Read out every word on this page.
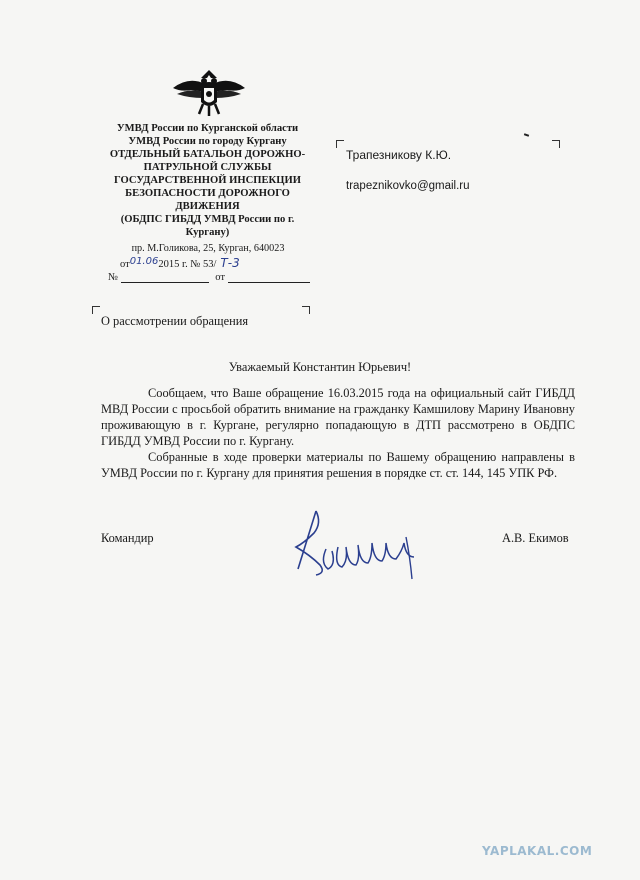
УМВД России по Курганской области
УМВД России по городу Кургану
ОТДЕЛЬНЫЙ БАТАЛЬОН ДОРОЖНО-
ПАТРУЛЬНОЙ СЛУЖБЫ
ГОСУДАРСТВЕННОЙ ИНСПЕКЦИИ
БЕЗОПАСНОСТИ ДОРОЖНОГО
ДВИЖЕНИЯ
(ОБДПС ГИБДД УМВД России по г.
Кургану)
пр. М.Голикова, 25, Курган, 640023
от01.062015 г. № 53/ Т-3
№	от
Трапезникову К.Ю.
trapeznikovko@gmail.ru
О рассмотрении обращения
Уважаемый Константин Юрьевич!

Сообщаем, что Ваше обращение 16.03.2015 года на официальный сайт ГИБДД МВД России с просьбой обратить внимание на гражданку Камшилову Марину Ивановну проживающую в г. Кургане, регулярно попадающую в ДТП рассмотрено в ОБДПС ГИБДД УМВД России по г. Кургану.

Собранные в ходе проверки материалы по Вашему обращению направлены в УМВД России по г. Кургану для принятия решения в порядке ст. ст. 144, 145 УПК РФ.

Командир	А.В. Екимов
YAPLAKAL.COM
